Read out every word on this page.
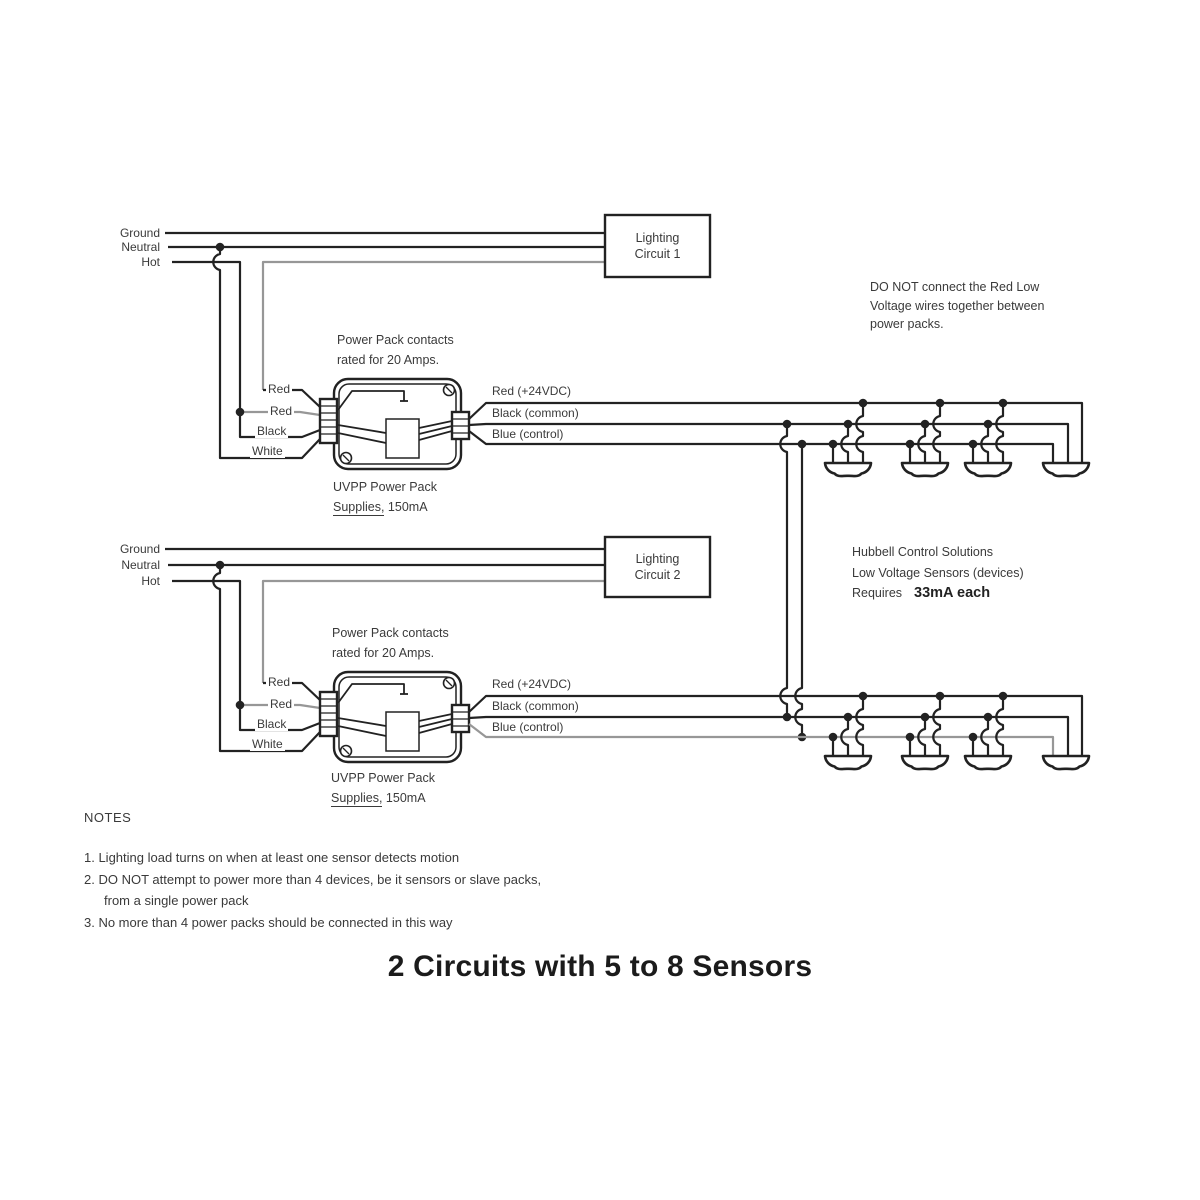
Ground
Neutral
Hot
Lighting
Circuit 1
Power Pack contacts
rated for 20 Amps.
Red
Red
Black
White
Red (+24VDC)
Black (common)
Blue (control)
UVPP Power Pack
Supplies, 150mA
Ground
Neutral
Hot
Lighting
Circuit 2
Power Pack contacts
rated for 20 Amps.
Red
Red
Black
White
Red (+24VDC)
Black (common)
Blue (control)
UVPP Power Pack
Supplies, 150mA
DO NOT connect the Red Low Voltage wires together between power packs.
Hubbell Control Solutions
Low Voltage Sensors (devices)
Requires 33mA each
NOTES
1. Lighting load turns on when at least one sensor detects motion
2. DO NOT attempt to power more than 4 devices, be it sensors or slave packs, from a single power pack
3. No more than 4 power packs should be connected in this way
2 Circuits with 5 to 8 Sensors
